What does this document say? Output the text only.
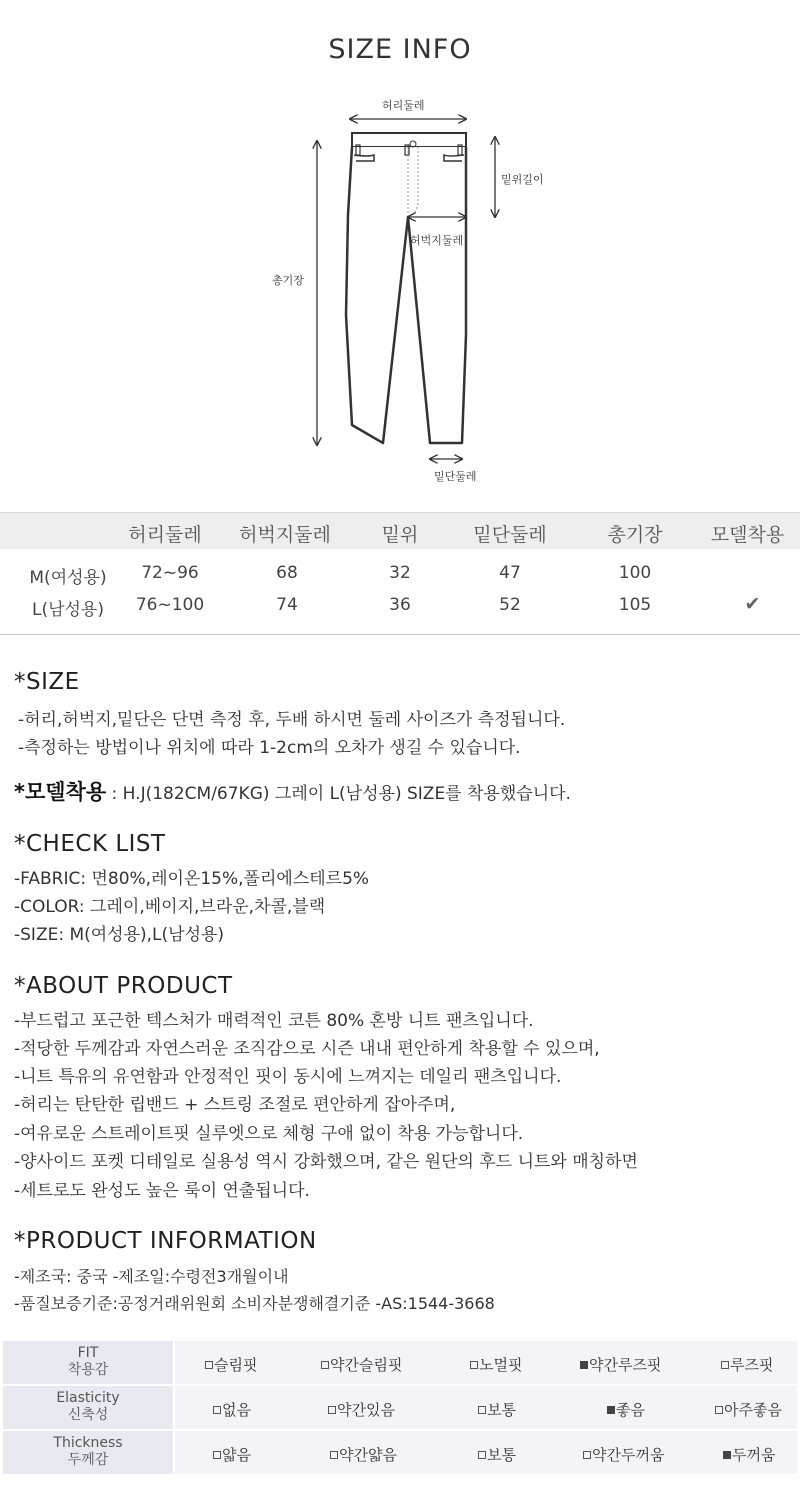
SIZE INFO
허리둘레
밑위길이
허벅지둘레
총기장
밑단둘레
허리둘레	허벅지둘레	밑위	밑단둘레	총기장	모델착용
M(여성용)	72~96	68	32	47	100
L(남성용)	76~100	74	36	52	105	✔
*SIZE
-허리,허벅지,밑단은 단면 측정 후, 두배 하시면 둘레 사이즈가 측정됩니다.
-측정하는 방법이나 위치에 따라 1-2cm의 오차가 생길 수 있습니다.
*모델착용 : H.J(182CM/67KG) 그레이 L(남성용) SIZE를 착용했습니다.
*CHECK LIST
-FABRIC: 면80%,레이온15%,폴리에스테르5%
-COLOR: 그레이,베이지,브라운,차콜,블랙
-SIZE: M(여성용),L(남성용)
*ABOUT PRODUCT
-부드럽고 포근한 텍스처가 매력적인 코튼 80% 혼방 니트 팬츠입니다.
-적당한 두께감과 자연스러운 조직감으로 시즌 내내 편안하게 착용할 수 있으며,
-니트 특유의 유연함과 안정적인 핏이 동시에 느껴지는 데일리 팬츠입니다.
-허리는 탄탄한 립밴드 + 스트링 조절로 편안하게 잡아주며,
-여유로운 스트레이트핏 실루엣으로 체형 구애 없이 착용 가능합니다.
-양사이드 포켓 디테일로 실용성 역시 강화했으며, 같은 원단의 후드 니트와 매칭하면
-세트로도 완성도 높은 룩이 연출됩니다.
*PRODUCT INFORMATION
-제조국: 중국 -제조일:수령전3개월이내
-품질보증기준:공정거래위원회 소비자분쟁해결기준 -AS:1544-3668
FIT
착용감	슬림핏	약간슬림핏	노멀핏	약간루즈핏	루즈핏
Elasticity
신축성	없음	약간있음	보통	좋음	아주좋음
Thickness
두께감	얇음	약간얇음	보통	약간두꺼움	두꺼움
